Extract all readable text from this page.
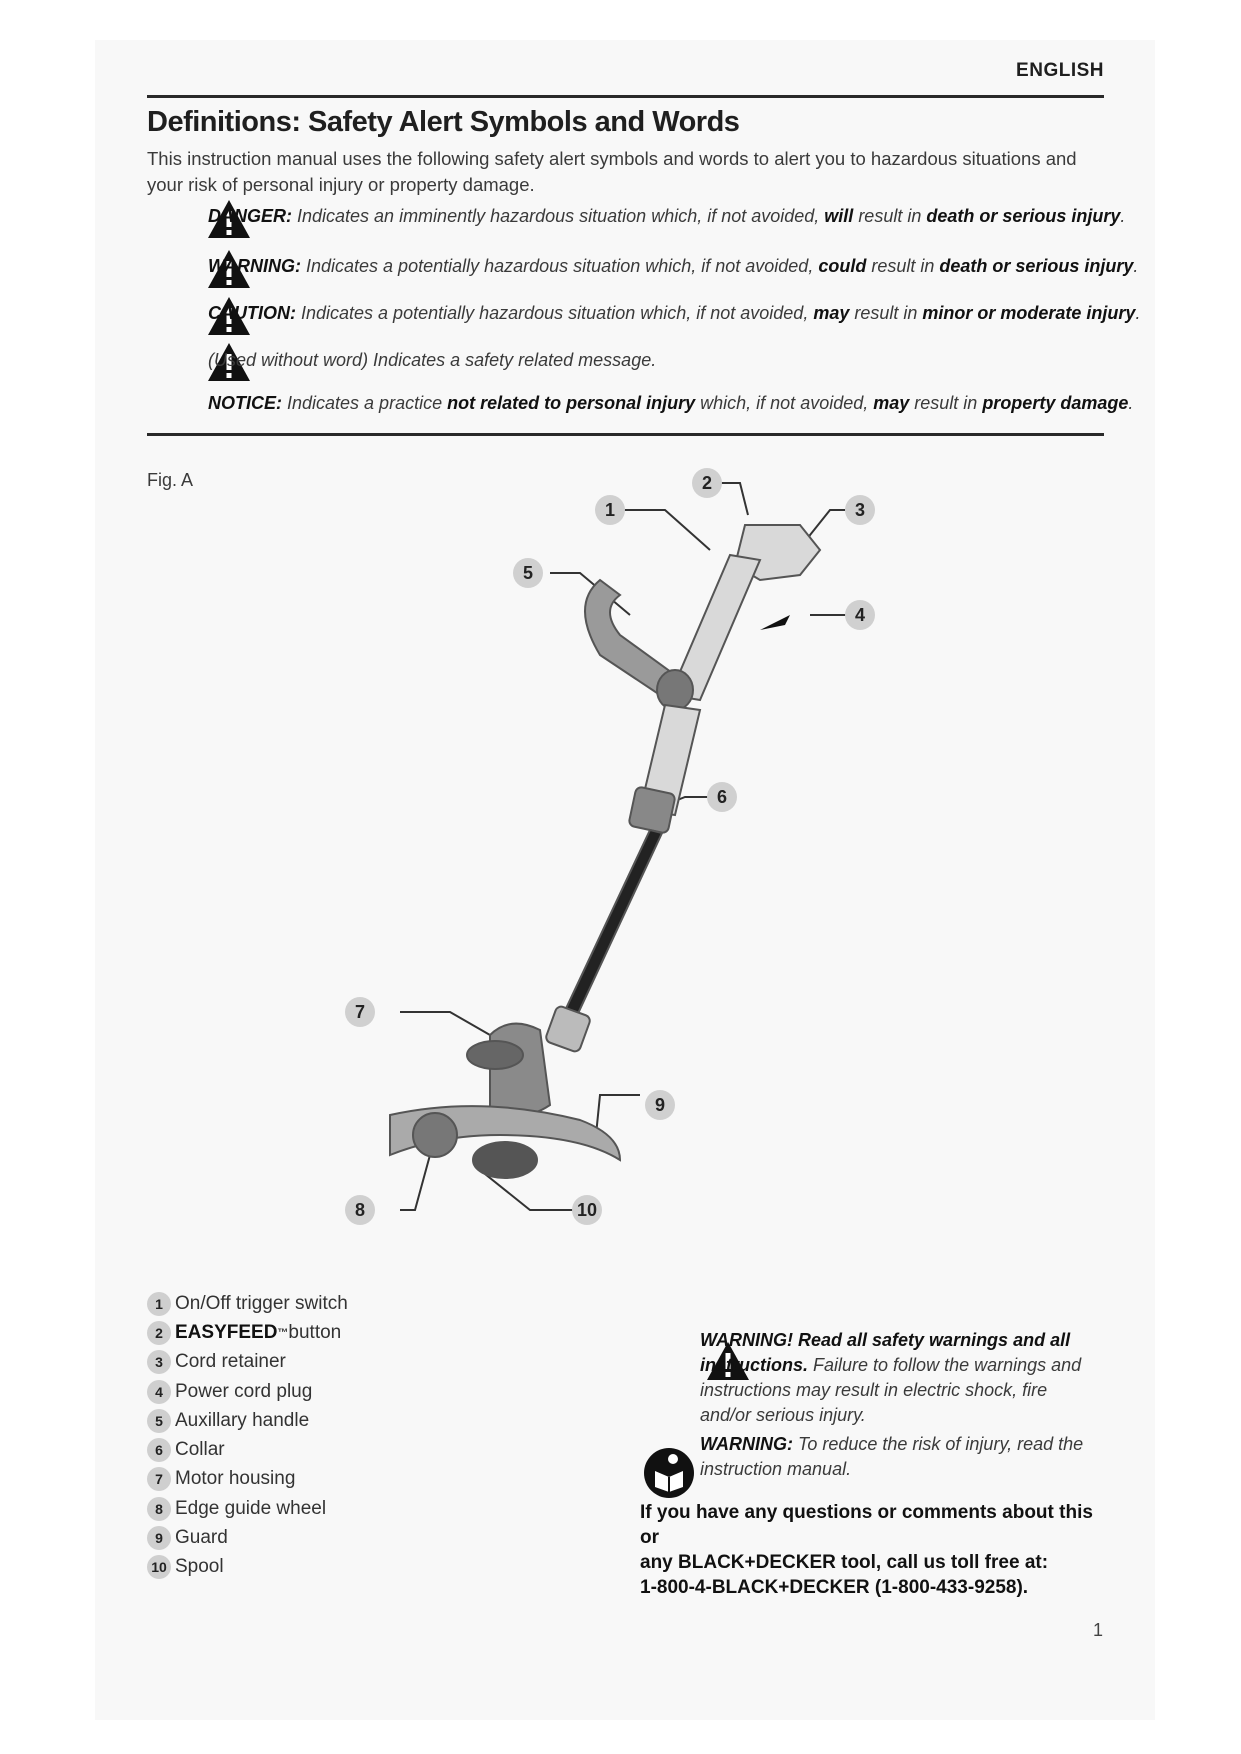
ENGLISH
Definitions: Safety Alert Symbols and Words
This instruction manual uses the following safety alert symbols and words to alert you to hazardous situations and your risk of personal injury or property damage.
DANGER: Indicates an imminently hazardous situation which, if not avoided, will result in death or serious injury.
WARNING: Indicates a potentially hazardous situation which, if not avoided, could result in death or serious injury.
CAUTION: Indicates a potentially hazardous situation which, if not avoided, may result in minor or moderate injury.
(Used without word) Indicates a safety related message.
NOTICE: Indicates a practice not related to personal injury which, if not avoided, may result in property damage.
Fig. A
1
2
3
4
5
6
7
9
8	10
1 On/Off trigger switch
2 EASYFEED ™ button
3 Cord retainer
4 Power cord plug
5 Auxillary handle
6 Collar
7 Motor housing
8 Edge guide wheel
9 Guard
10 Spool
WARNING! Read all safety warnings and all instructions. Failure to follow the warnings and instructions may result in electric shock, fire and/or serious injury.
WARNING: To reduce the risk of injury, read the instruction manual.
If you have any questions or comments about this or
any BLACK+DECKER tool, call us toll free at:
1-800-4-BLACK+DECKER (1-800-433-9258).
1
